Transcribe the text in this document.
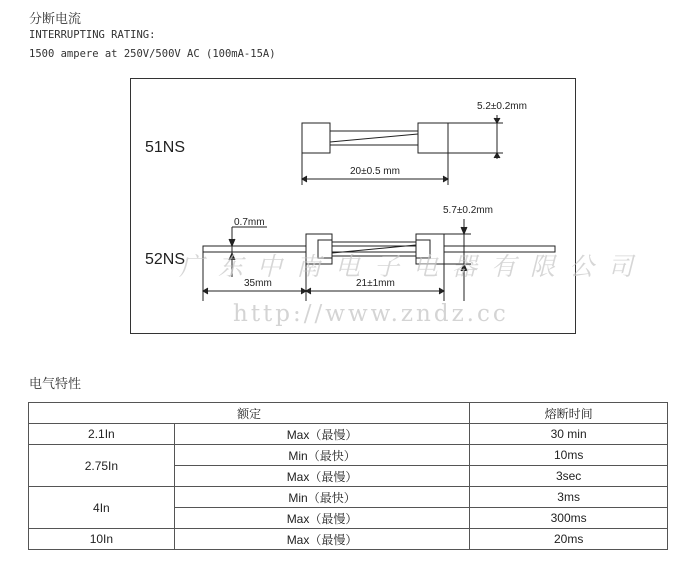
分断电流
INTERRUPTING RATING:
1500 ampere at 250V/500V AC (100mA-15A)
51NS
5.2±0.2mm
20±0.5 mm
52NS
0.7mm
5.7±0.2mm
35mm	21±1mm
广东中南电子电器有限公司
http://www.zndz.cc
电气特性
额定		熔断时间
2.1In	Max（最慢）	30 min
2.75In	Min（最快）	10ms
	Max（最慢）	3sec
4In	Min（最快）	3ms
	Max（最慢）	300ms
10In	Max（最慢）	20ms
